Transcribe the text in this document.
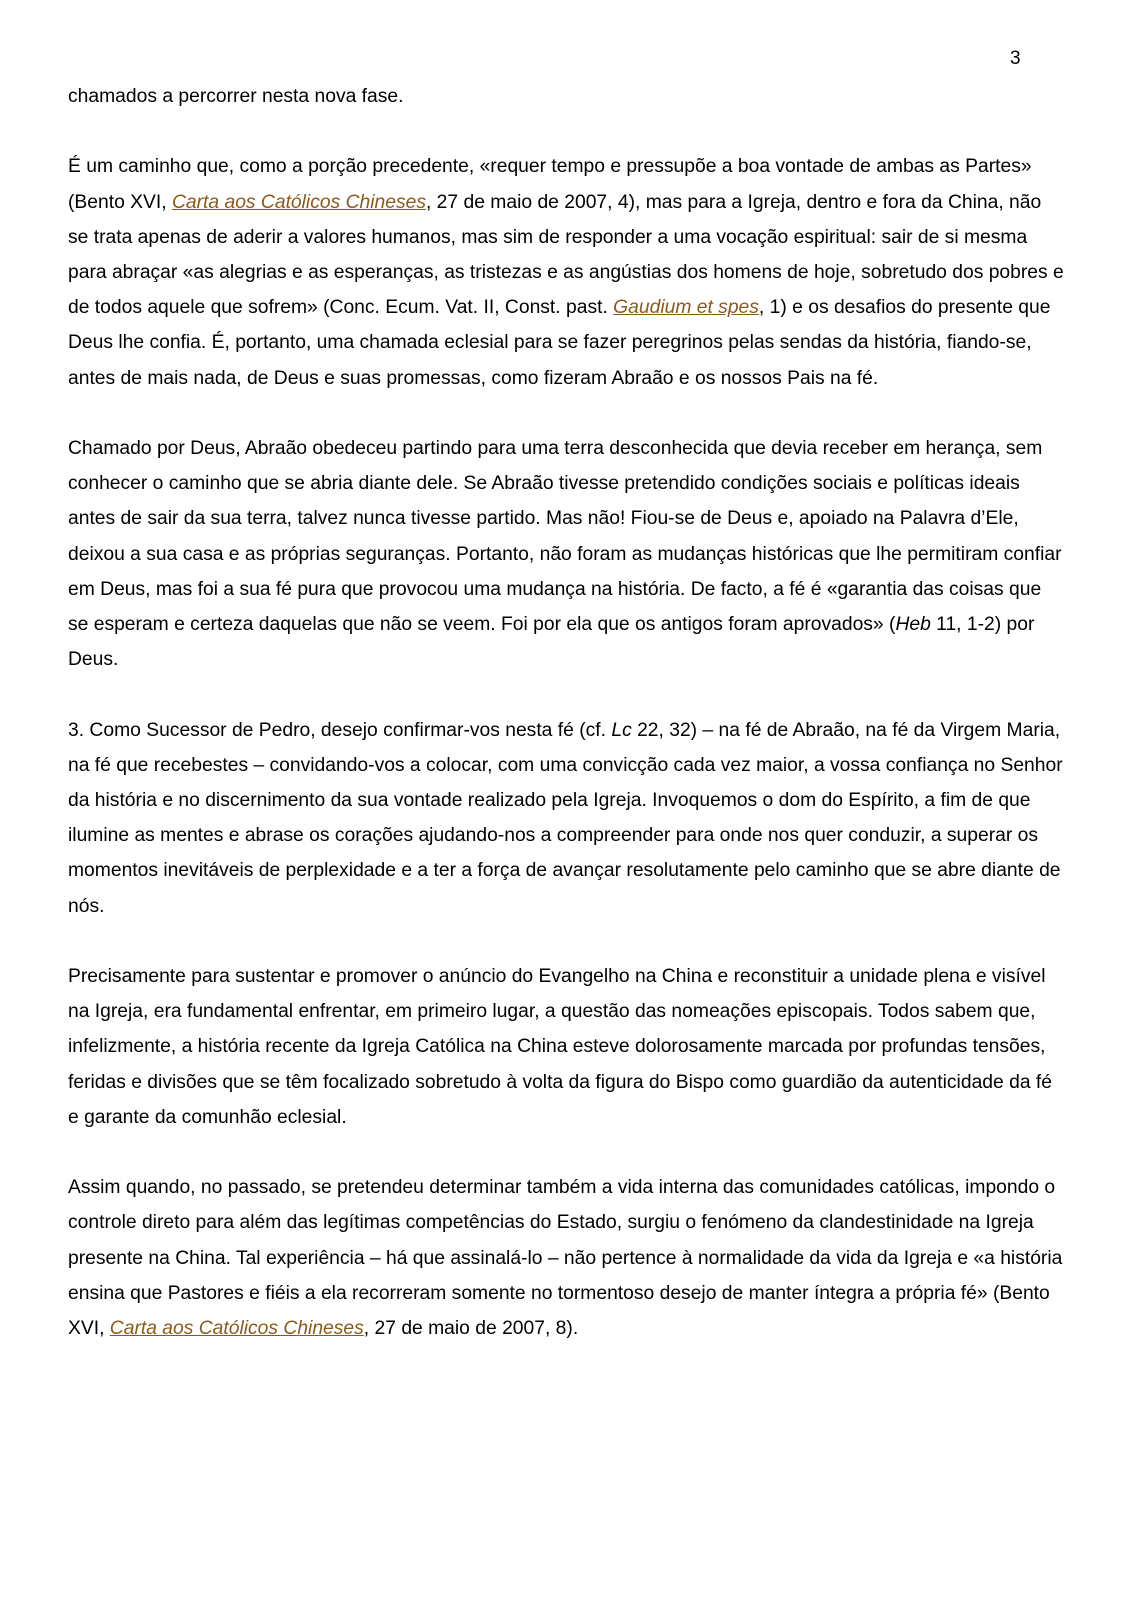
3

chamados a percorrer nesta nova fase.

É um caminho que, como a porção precedente, «requer tempo e pressupõe a boa vontade de ambas as Partes» (Bento XVI, Carta aos Católicos Chineses, 27 de maio de 2007, 4), mas para a Igreja, dentro e fora da China, não se trata apenas de aderir a valores humanos, mas sim de responder a uma vocação espiritual: sair de si mesma para abraçar «as alegrias e as esperanças, as tristezas e as angústias dos homens de hoje, sobretudo dos pobres e de todos aquele que sofrem» (Conc. Ecum. Vat. II, Const. past. Gaudium et spes, 1) e os desafios do presente que Deus lhe confia. É, portanto, uma chamada eclesial para se fazer peregrinos pelas sendas da história, fiando-se, antes de mais nada, de Deus e suas promessas, como fizeram Abraão e os nossos Pais na fé.

Chamado por Deus, Abraão obedeceu partindo para uma terra desconhecida que devia receber em herança, sem conhecer o caminho que se abria diante dele. Se Abraão tivesse pretendido condições sociais e políticas ideais antes de sair da sua terra, talvez nunca tivesse partido. Mas não! Fiou-se de Deus e, apoiado na Palavra d’Ele, deixou a sua casa e as próprias seguranças. Portanto, não foram as mudanças históricas que lhe permitiram confiar em Deus, mas foi a sua fé pura que provocou uma mudança na história. De facto, a fé é «garantia das coisas que se esperam e certeza daquelas que não se veem. Foi por ela que os antigos foram aprovados» (Heb 11, 1-2) por Deus.

3. Como Sucessor de Pedro, desejo confirmar-vos nesta fé (cf. Lc 22, 32) – na fé de Abraão, na fé da Virgem Maria, na fé que recebestes – convidando-vos a colocar, com uma convicção cada vez maior, a vossa confiança no Senhor da história e no discernimento da sua vontade realizado pela Igreja. Invoquemos o dom do Espírito, a fim de que ilumine as mentes e abrase os corações ajudando-nos a compreender para onde nos quer conduzir, a superar os momentos inevitáveis de perplexidade e a ter a força de avançar resolutamente pelo caminho que se abre diante de nós.

Precisamente para sustentar e promover o anúncio do Evangelho na China e reconstituir a unidade plena e visível na Igreja, era fundamental enfrentar, em primeiro lugar, a questão das nomeações episcopais. Todos sabem que, infelizmente, a história recente da Igreja Católica na China esteve dolorosamente marcada por profundas tensões, feridas e divisões que se têm focalizado sobretudo à volta da figura do Bispo como guardião da autenticidade da fé e garante da comunhão eclesial.

Assim quando, no passado, se pretendeu determinar também a vida interna das comunidades católicas, impondo o controle direto para além das legítimas competências do Estado, surgiu o fenómeno da clandestinidade na Igreja presente na China. Tal experiência – há que assinalá-lo – não pertence à normalidade da vida da Igreja e «a história ensina que Pastores e fiéis a ela recorreram somente no tormentoso desejo de manter íntegra a própria fé» (Bento XVI, Carta aos Católicos Chineses, 27 de maio de 2007, 8).
